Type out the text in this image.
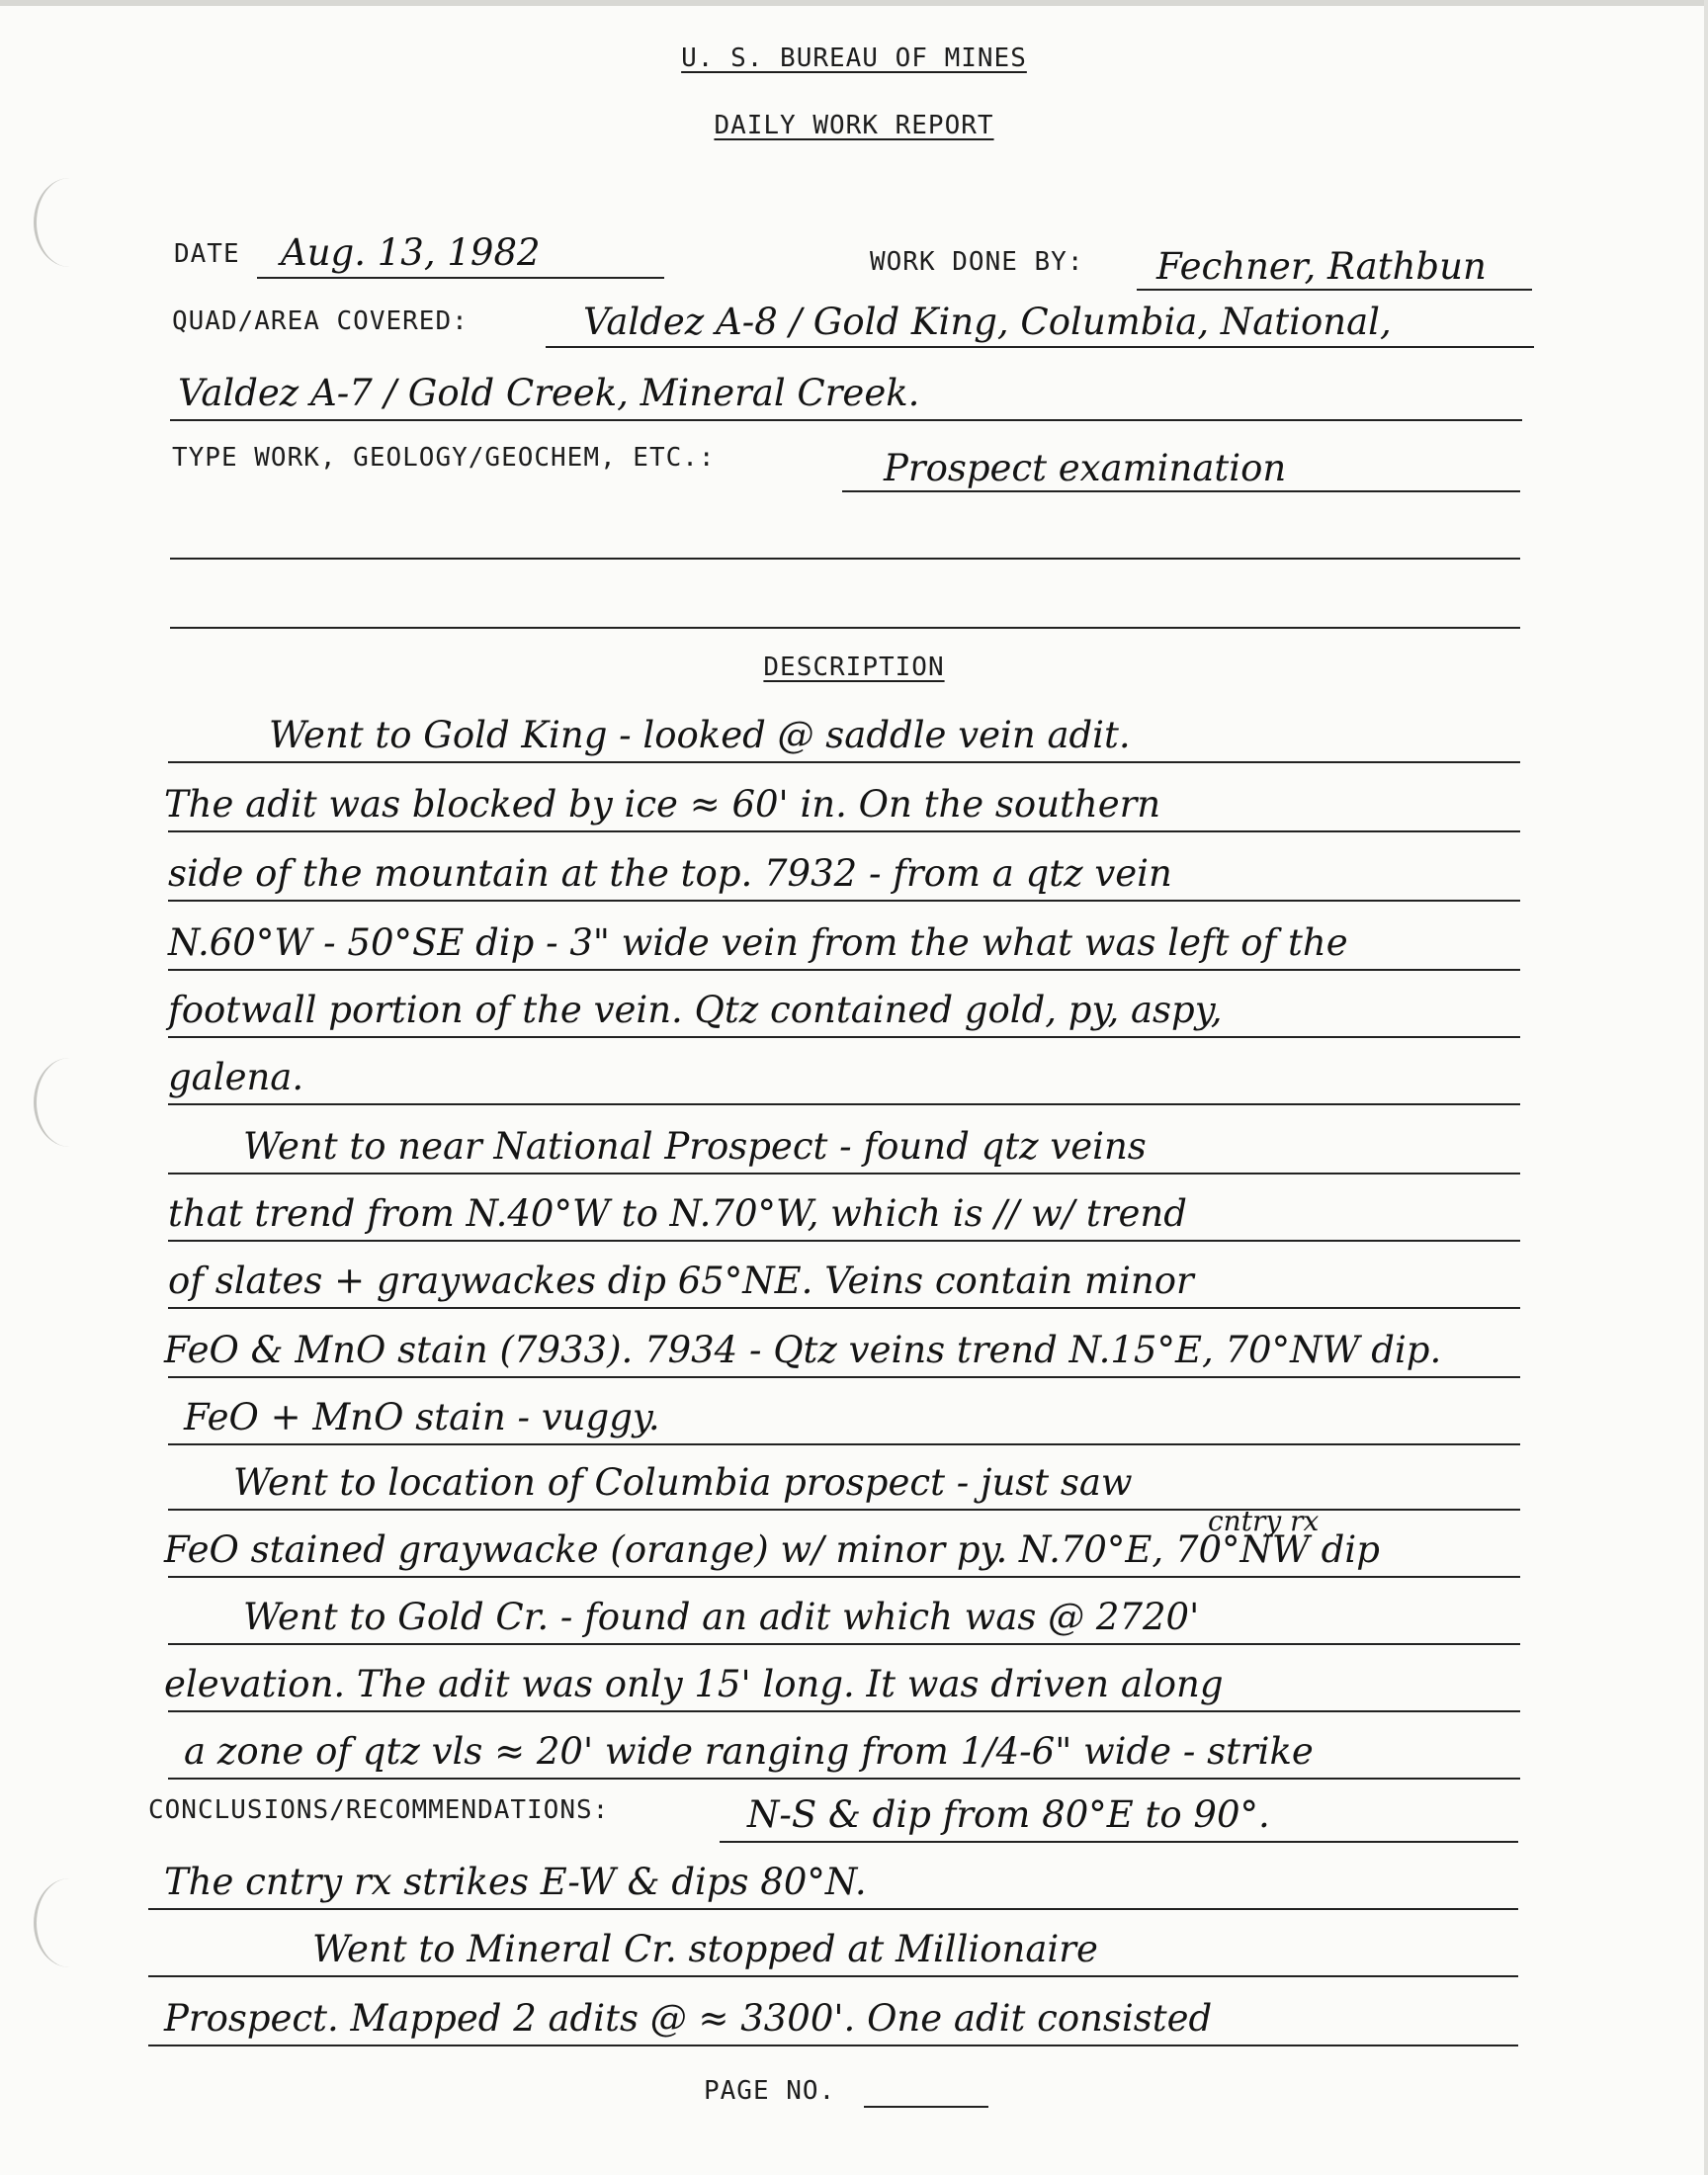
U. S. BUREAU OF MINES
DAILY WORK REPORT
DATE Aug. 13, 1982	WORK DONE BY: Fechner, Rathbun
QUAD/AREA COVERED:	Valdez A-8 / Gold King, Columbia, National,
Valdez A-7 / Gold Creek, Mineral Creek.
TYPE WORK, GEOLOGY/GEOCHEM, ETC.:	Prospect examination
DESCRIPTION
Went to Gold King - looked @ saddle vein adit.
The adit was blocked by ice ≈ 60' in. On the southern
side of the mountain at the top. 7932 - from a qtz vein
N.60°W - 50°SE dip - 3" wide vein from the what was left of the
footwall portion of the vein. Qtz contained gold, py, aspy,
galena.
Went to near National Prospect - found qtz veins
that trend from N.40°W to N.70°W, which is // w/ trend
of slates + graywackes dip 65°NE. Veins contain minor
FeO & MnO stain (7933). 7934 - Qtz veins trend N.15°E, 70°NW dip.
FeO + MnO stain - vuggy.
Went to location of Columbia prospect - just saw
cntry rx
FeO stained graywacke (orange) w/ minor py. N.70°E, 70°NW dip
Went to Gold Cr. - found an adit which was @ 2720'
elevation. The adit was only 15' long. It was driven along
a zone of qtz vls ≈ 20' wide ranging from 1/4-6" wide - strike
CONCLUSIONS/RECOMMENDATIONS:	N-S & dip from 80°E to 90°.
The cntry rx strikes E-W & dips 80°N.
Went to Mineral Cr. stopped at Millionaire
Prospect. Mapped 2 adits @ ≈ 3300'. One adit consisted
PAGE NO.
